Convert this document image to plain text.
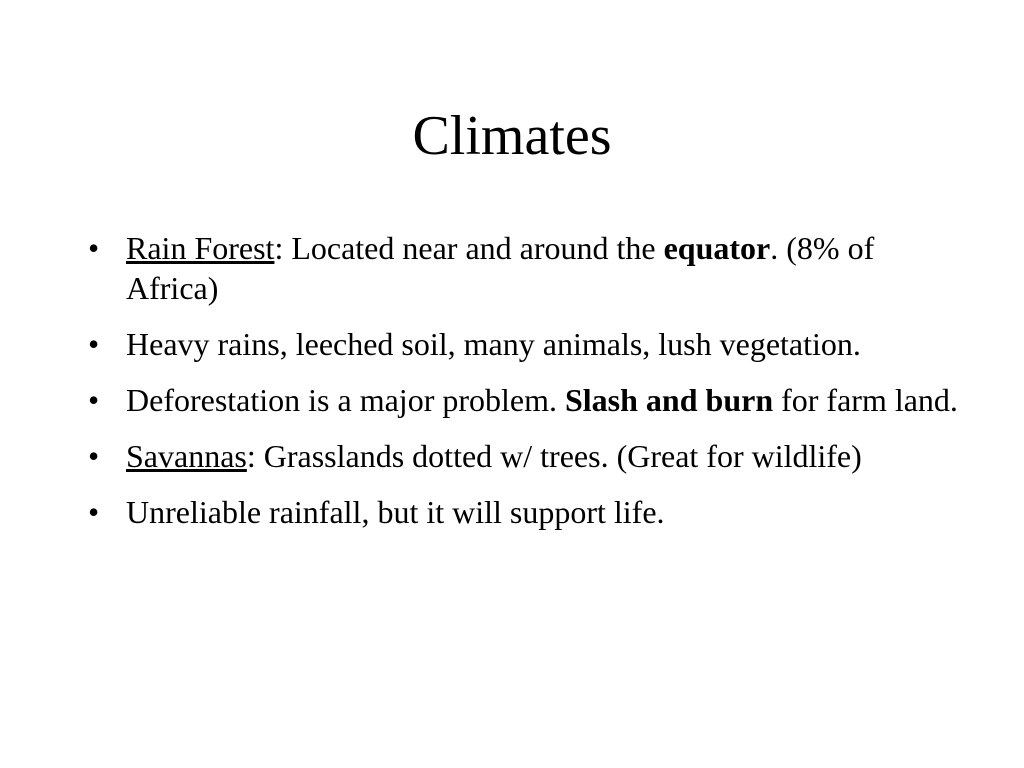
Climates
• Rain Forest: Located near and around the equator. (8% of Africa)
• Heavy rains, leeched soil, many animals, lush vegetation.
• Deforestation is a major problem. Slash and burn for farm land.
• Savannas: Grasslands dotted w/ trees. (Great for wildlife)
• Unreliable rainfall, but it will support life.
